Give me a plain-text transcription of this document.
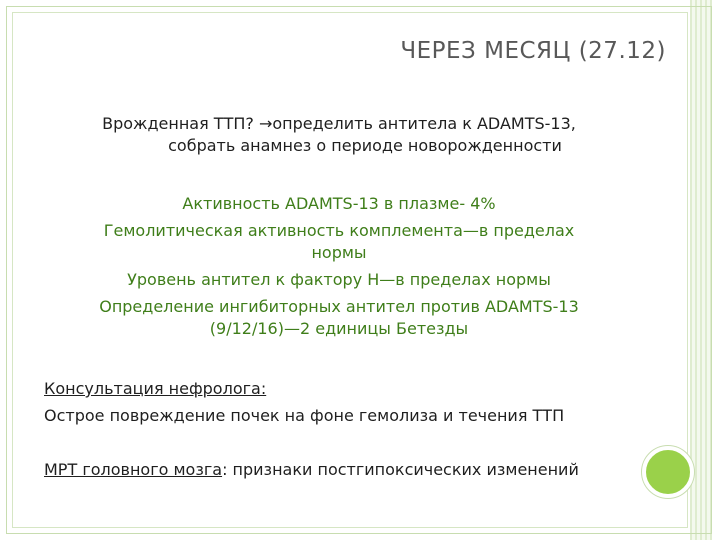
ЧЕРЕЗ МЕСЯЦ (27.12)

Врожденная ТТП? →определить антитела к ADAMTS-13,

собрать анамнез о периоде новорожденности

Активность ADAMTS-13 в плазме- 4%

Гемолитическая активность комплемента—в пределах

нормы

Уровень антител к фактору Н—в пределах нормы

Определение ингибиторных антител против ADAMTS-13

(9/12/16)—2 единицы Бетезды

Консультация нефролога:

Острое повреждение почек на фоне гемолиза и течения ТТП

МРТ головного мозга: признаки постгипоксических изменений
